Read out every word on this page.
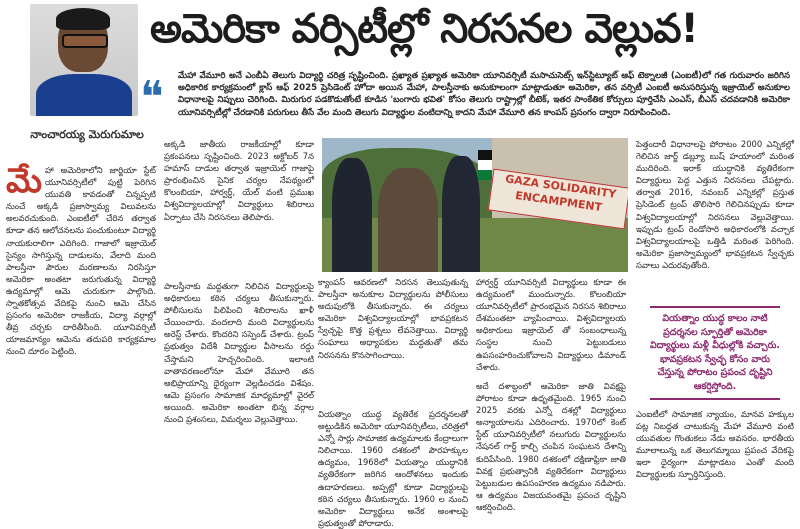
నాంచారయ్య మెరుగుమాల
అమెరికా వర్సిటీల్లో నిరసనల వెల్లువ!
❝	మేహా వేమూరి అనే ఎంబీఏ తెలుగు విద్యార్థి చరిత్ర సృష్టించింది. ప్రఖ్యాత ప్రఖ్యాత అమెరికా యూనివర్సిటీ మసాచుసెట్స్ ఇన్‌స్టిట్యూట్ ఆఫ్ టెక్నాలజీ (ఎంఐటీ)లో గత గురువారం జరిగిన అధికారిక కార్యక్రమంలో క్లాస్ ఆఫ్ 2025 ప్రెసిడెంట్ హోదా అయిన మేహా, పాలస్తీనాకు అనుకూలంగా మాట్లాడుతూ అమెరికా, తన వర్సిటీ ఎంఐటీ అనుసరిస్తున్న ఇజ్రాయెల్ అనుకూల విధానాలపై నిప్పులు చెరిగింది. మిరుగుర పడకొడుతోంటే కూడిన 'బంగారు భవిత' కోసం తెలుగు రాష్ట్రాల్లో బీటెక్, ఇతర సాంకేతిక కోర్సులు పూర్తిచేసి ఎంఎస్, బీఎస్ చదవడానికి అమెరికా యూనివర్సిటీల్లో చేరడానికి పరుగులు తీసే వేల మంది తెలుగు విద్యార్థుల వంటిదాన్ని కాదని మేహా వేమూరి తన కాంపస్ ప్రసంగం ద్వారా నిరూపించింది.
మే హా అమెరికాలోని జార్జియా స్టేట్ యూనివర్సిటీలో పుట్టి పెరిగిన యువతి కావడంతో చిన్నప్పటి నుంచే అక్కడి ప్రజాస్వామ్య విలువలను అలవరచుకుంది. ఎంఐటీలో చేరిన తర్వాత కూడా తన ఆలోచనలను పంచుకుంటూ విద్యార్థి నాయకురాలిగా ఎదిగింది. గాజాలో ఇజ్రాయెల్ సైన్యం సాగిస్తున్న దాడులను, వేలాది మంది పాలస్తీనా పౌరుల మరణాలను నిరసిస్తూ అమెరికా అంతటా జరుగుతున్న విద్యార్థి ఉద్యమాల్లో ఆమె చురుకుగా పాల్గొంది. స్నాతకోత్సవ వేదికపై నుంచి ఆమె చేసిన ప్రసంగం అమెరికా రాజకీయ, విద్యా వర్గాల్లో తీవ్ర చర్చకు దారితీసింది. యూనివర్సిటీ యాజమాన్యం ఆమెను తదుపరి కార్యక్రమాల నుంచి దూరం పెట్టింది.
అక్కడి జాతీయ రాజకీయాల్లో కూడా ప్రకంపనలు సృష్టించింది. 2023 అక్టోబర్ 7న హమాస్ దాడుల తర్వాత ఇజ్రాయెల్ గాజాపై ప్రారంభించిన సైనిక చర్యల నేపథ్యంలో కొలంబియా, హార్వర్డ్, యేల్ వంటి ప్రముఖ విశ్వవిద్యాలయాల్లో విద్యార్థులు శిబిరాలు ఏర్పాటు చేసి నిరసనలు తెలిపారు.
పాలస్తీనాకు మద్దతుగా నిలిచిన విద్యార్థులపై అధికారులు కఠిన చర్యలు తీసుకున్నారు. పోలీసులను పిలిపించి శిబిరాలను ఖాళీ చేయించారు. వందలాది మంది విద్యార్థులను అరెస్ట్ చేశారు. కొందరిని సస్పెండ్ చేశారు. ట్రంప్ ప్రభుత్వం విదేశీ విద్యార్థుల వీసాలను రద్దు చేస్తామని హెచ్చరించింది. ఇలాంటి వాతావరణంలోనూ మేహా వేమూరి తన అభిప్రాయాన్ని ధైర్యంగా వెల్లడించడం విశేషం. ఆమె ప్రసంగం సామాజిక మాధ్యమాల్లో వైరల్ అయింది. అమెరికా అంతటా భిన్న వర్గాల నుంచి ప్రశంసలు, విమర్శలు వెల్లువెత్తాయి.
GAZA SOLIDARITY ENCAMPMENT
క్యాంపస్ ఆవరణలో నిరసన తెలుపుతున్న పాలస్తీనా అనుకూల విద్యార్థులను పోలీసులు అదుపులోకి తీసుకున్నారు. ఈ చర్యలు అమెరికా విశ్వవిద్యాలయాల్లో భావప్రకటన స్వేచ్ఛపై కొత్త ప్రశ్నలు లేవనెత్తాయి. విద్యార్థి సంఘాలు అధ్యాపకుల మద్దతుతో తమ నిరసనను కొనసాగించాయి.
వియత్నాం యుద్ధ వ్యతిరేక ప్రదర్శనలతో అట్టుడికిన అమెరికా యూనివర్సిటీలు, చరిత్రలో ఎన్నో సార్లు సామాజిక ఉద్యమాలకు కేంద్రాలుగా నిలిచాయి. 1960 దశకంలో పౌరహక్కుల ఉద్యమం, 1968లో వియత్నాం యుద్ధానికి వ్యతిరేకంగా జరిగిన ఆందోళనలు ఇందుకు ఉదాహరణలు. అప్పట్లో కూడా విద్యార్థులపై కఠిన చర్యలు తీసుకున్నారు. 1960 ల నుంచి అమెరికా విద్యార్థులు అనేక అంశాలపై ప్రభుత్వంతో పోరాడారు.
హార్వర్డ్ యూనివర్సిటీ విద్యార్థులు కూడా ఈ ఉద్యమంలో ముందున్నారు. కొలంబియా యూనివర్సిటీలో ప్రారంభమైన నిరసన శిబిరాలు దేశమంతటా వ్యాపించాయి. విశ్వవిద్యాలయ అధికారులు ఇజ్రాయెల్ తో సంబంధాలున్న సంస్థల నుంచి పెట్టుబడులు ఉపసంహరించుకోవాలని విద్యార్థులు డిమాండ్ చేశారు.
అదే దశాబ్దంలో అమెరికా జాతి వివక్షపై పోరాటం కూడా ఉధృతమైంది. 1965 నుంచి 2025 వరకు ఎన్నో దశల్లో విద్యార్థులు అన్యాయాలను ఎదిరించారు. 1970లో కెంట్ స్టేట్ యూనివర్సిటీలో నలుగురు విద్యార్థులను నేషనల్ గార్డ్ కాల్చి చంపిన సంఘటన దేశాన్ని కుదిపేసింది. 1980 దశకంలో దక్షిణాఫ్రికా జాతి వివక్ష ప్రభుత్వానికి వ్యతిరేకంగా విద్యార్థులు పెట్టుబడుల ఉపసంహరణ ఉద్యమం నడిపారు. ఆ ఉద్యమం విజయవంతమై ప్రపంచ దృష్టిని ఆకర్షించింది.
పెత్తందారీ విధానాలపై పోరాటం 2000 ఎన్నికల్లో గెలిచిన జార్జ్ డబ్ల్యూ బుష్ హయాంలో మరింత ముదిరింది. ఇరాక్ యుద్ధానికి వ్యతిరేకంగా విద్యార్థులు పెద్ద ఎత్తున నిరసనలు చేపట్టారు. తర్వాత 2016, నవంబర్ ఎన్నికల్లో ప్రస్తుత ప్రెసిడెంట్ ట్రంప్ తొలిసారి గెలిచినప్పుడు కూడా విశ్వవిద్యాలయాల్లో నిరసనలు వెల్లువెత్తాయి. ఇప్పుడు ట్రంప్ రెండోసారి అధికారంలోకి వచ్చాక విశ్వవిద్యాలయాలపై ఒత్తిడి మరింత పెరిగింది. అమెరికా ప్రజాస్వామ్యంలో భావప్రకటన స్వేచ్ఛకు సవాలు ఎదురవుతోంది.
వియత్నాం యుద్ధ కాలం నాటి ప్రదర్శనల స్ఫూర్తితో అమెరికా విద్యార్థులు మళ్లీ వీధుల్లోకి వచ్చారు. భావప్రకటన స్వేచ్ఛ కోసం వారు చేస్తున్న పోరాటం ప్రపంచ దృష్టిని ఆకర్షిస్తోంది.
ఎంఐటీలో సామాజిక న్యాయం, మానవ హక్కుల పట్ల నిబద్ధత చాటుకున్న మేహా వేమూరి వంటి యువతుల గొంతుకలు నేడు అవసరం. భారతీయ మూలాలున్న ఒక తెలుగమ్మాయి ప్రపంచ వేదికపై ఇలా ధైర్యంగా మాట్లాడటం ఎంతో మంది విద్యార్థులకు స్ఫూర్తినిస్తుంది.
